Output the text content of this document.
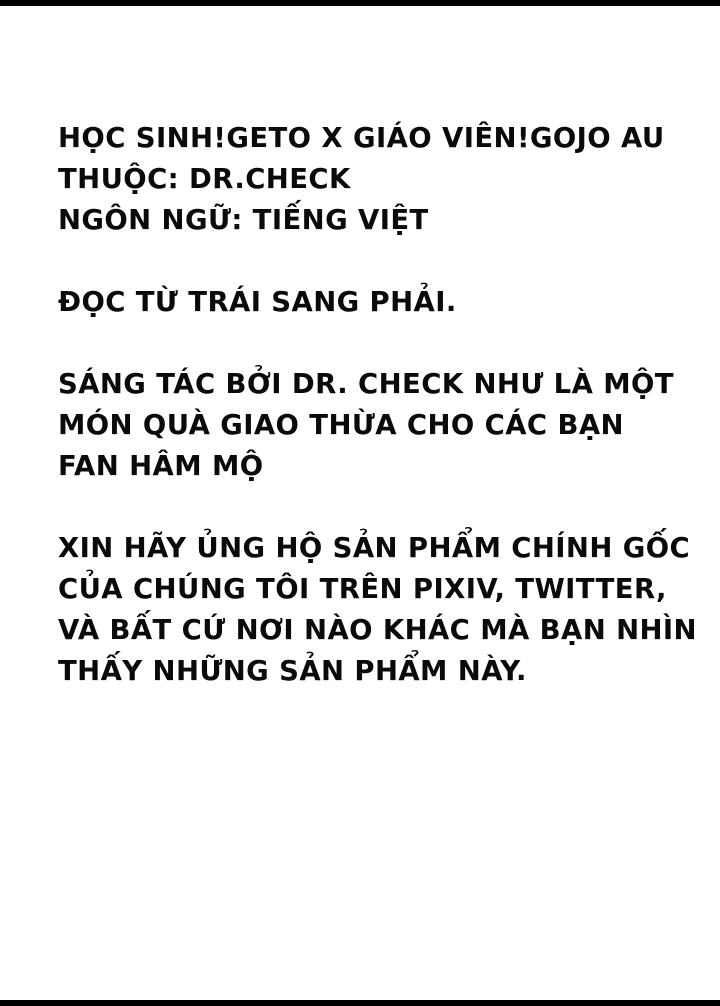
HỌC SINH!GETO X GIÁO VIÊN!GOJO AU
THUỘC: DR.CHECK
NGÔN NGỮ: TIẾNG VIỆT

ĐỌC TỪ TRÁI SANG PHẢI.

SÁNG TÁC BỞI DR. CHECK NHƯ LÀ MỘT
MÓN QUÀ GIAO THỪA CHO CÁC BẠN
FAN HÂM MỘ

XIN HÃY ỦNG HỘ SẢN PHẨM CHÍNH GỐC
CỦA CHÚNG TÔI TRÊN PIXIV, TWITTER,
VÀ BẤT CỨ NƠI NÀO KHÁC MÀ BẠN NHÌN
THẤY NHỮNG SẢN PHẨM NÀY.
